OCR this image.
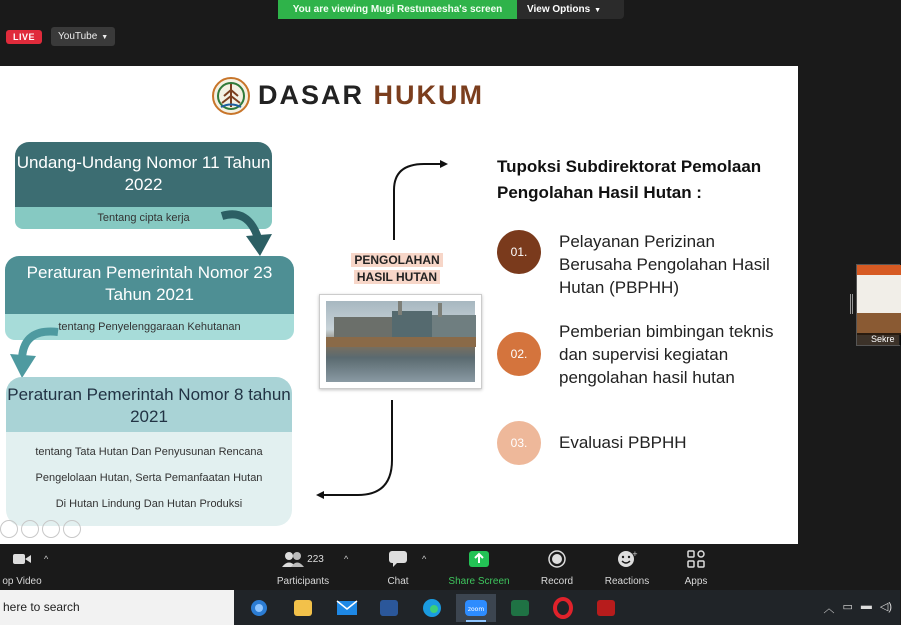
You are viewing Mugi Restunaesha's screen	View Options ▼
LIVE	YouTube ▼
DASAR HUKUM
Undang-Undang Nomor 11 Tahun 2022
Tentang cipta kerja
Peraturan Pemerintah Nomor 23 Tahun 2021
tentang Penyelenggaraan Kehutanan
Peraturan Pemerintah Nomor 8 tahun 2021
tentang Tata Hutan Dan Penyusunan Rencana
Pengelolaan Hutan, Serta Pemanfaatan Hutan
Di Hutan Lindung Dan Hutan Produksi
PENGOLAHAN
HASIL HUTAN
Tupoksi Subdirektorat Pemolaan
Pengolahan Hasil Hutan :
01.
Pelayanan Perizinan Berusaha Pengolahan Hasil Hutan (PBPHH)
02.
Pemberian bimbingan teknis dan supervisi kegiatan pengolahan hasil hutan
03.	Evaluasi PBPHH
Sekre
op Video
^	223
Participants
^
Chat
^
Share Screen	Record
+
Reactions	Apps
here to search	zoom	︿ ▭ ▬ ◁)
